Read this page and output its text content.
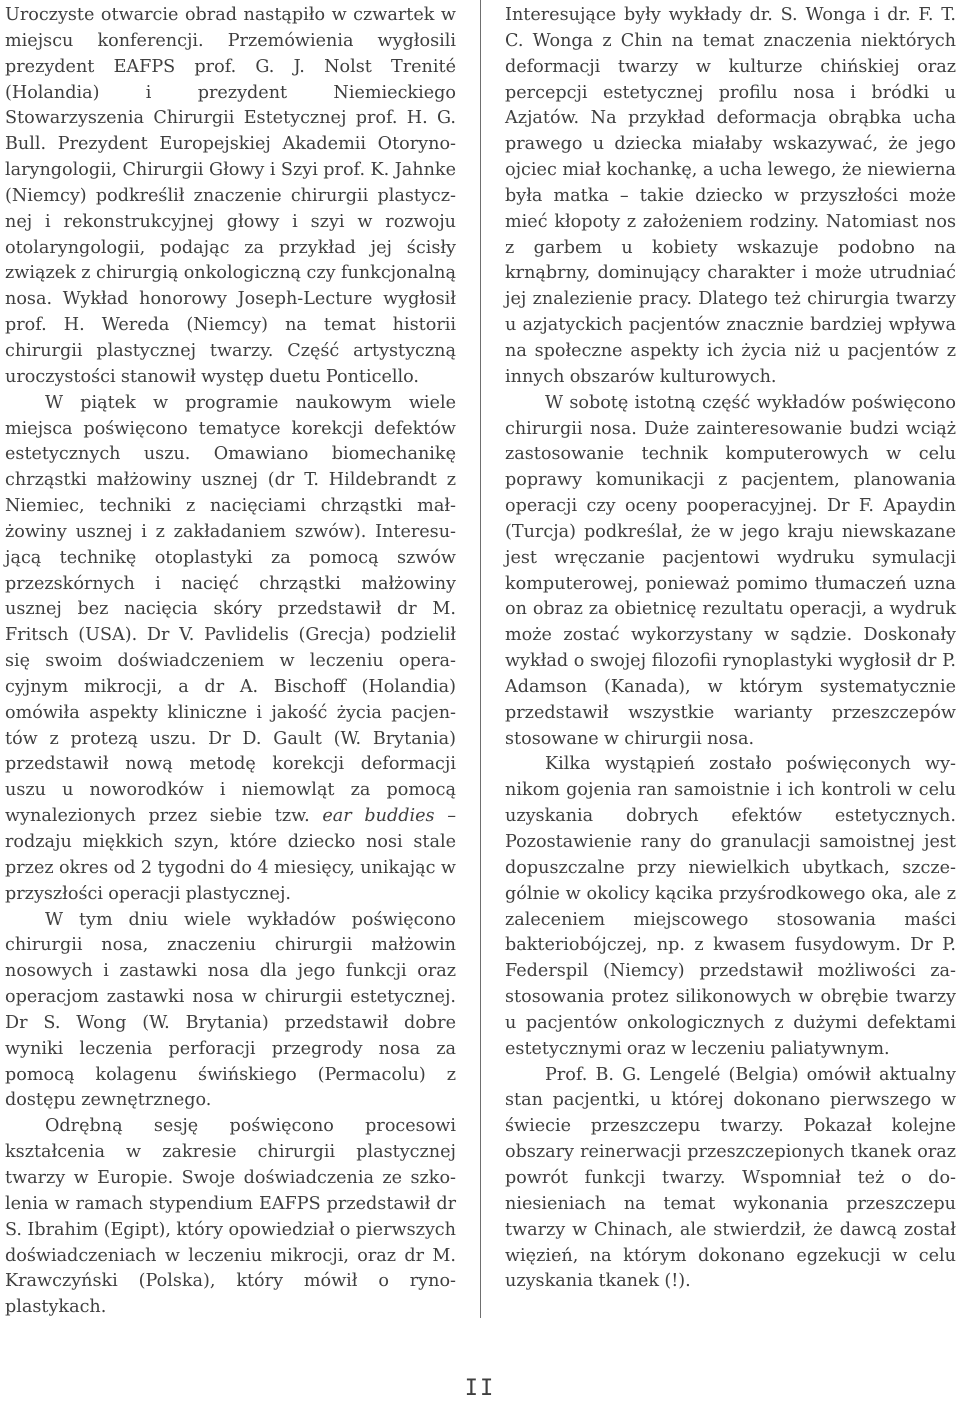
Uroczyste otwarcie obrad nastąpiło w czwartek w miejscu konferencji. Przemówienia wygłosili prezydent EAFPS prof. G. J. Nolst Trenité (Holandia) i prezydent Niemieckiego Stowarzyszenia Chirurgii Estetycznej prof. H. G. Bull. Prezydent Europejskiej Akademii Otorynolaryngologii, Chirurgii Głowy i Szyi prof. K. Jahnke (Niemcy) podkreślił znaczenie chirurgii plastycznej i rekonstrukcyjnej głowy i szyi w rozwoju otolaryngologii, podając za przykład jej ścisły związek z chirurgią onkologiczną czy funkcjonalną nosa. Wykład honorowy Joseph-Lecture wygłosił prof. H. Wereda (Niemcy) na temat historii chirurgii plastycznej twarzy. Część artystyczną uroczystości stanowił występ duetu Ponticello.

W piątek w programie naukowym wiele miejsca poświęcono tematyce korekcji defektów estetycznych uszu. Omawiano biomechanikę chrząstki małżowiny usznej (dr T. Hildebrandt z Niemiec, techniki z nacięciami chrząstki małżowiny usznej i z zakładaniem szwów). Interesującą technikę otoplastyki za pomocą szwów przezskórnych i nacięć chrząstki małżowiny usznej bez nacięcia skóry przedstawił dr M. Fritsch (USA). Dr V. Pavlidelis (Grecja) podzielił się swoim doświadczeniem w leczeniu operacyjnym mikrocji, a dr A. Bischoff (Holandia) omówiła aspekty kliniczne i jakość życia pacjentów z protezą uszu. Dr D. Gault (W. Brytania) przedstawił nową metodę korekcji deformacji uszu u noworodków i niemowląt za pomocą wynalezionych przez siebie tzw. ear buddies – rodzaju miękkich szyn, które dziecko nosi stale przez okres od 2 tygodni do 4 miesięcy, unikając w przyszłości operacji plastycznej.

W tym dniu wiele wykładów poświęcono chirurgii nosa, znaczeniu chirurgii małżowin nosowych i zastawki nosa dla jego funkcji oraz operacjom zastawki nosa w chirurgii estetycznej. Dr S. Wong (W. Brytania) przedstawił dobre wyniki leczenia perforacji przegrody nosa za pomocą kolagenu świńskiego (Permacolu) z dostępu zewnętrznego.

Odrębną sesję poświęcono procesowi kształcenia w zakresie chirurgii plastycznej twarzy w Europie. Swoje doświadczenia ze szkolenia w ramach stypendium EAFPS przedstawił dr S. Ibrahim (Egipt), który opowiedział o pierwszych doświadczeniach w leczeniu mikrocji, oraz dr M. Krawczyński (Polska), który mówił o rynoplastykach.

Interesujące były wykłady dr. S. Wonga i dr. F. T. C. Wonga z Chin na temat znaczenia niektórych deformacji twarzy w kulturze chińskiej oraz percepcji estetycznej profilu nosa i bródki u Azjatów. Na przykład deformacja obrąbka ucha prawego u dziecka miałaby wskazywać, że jego ojciec miał kochankę, a ucha lewego, że niewierna była matka – takie dziecko w przyszłości może mieć kłopoty z założeniem rodziny. Natomiast nos z garbem u kobiety wskazuje podobno na krnąbrny, dominujący charakter i może utrudniać jej znalezienie pracy. Dlatego też chirurgia twarzy u azjatyckich pacjentów znacznie bardziej wpływa na społeczne aspekty ich życia niż u pacjentów z innych obszarów kulturowych.

W sobotę istotną część wykładów poświęcono chirurgii nosa. Duże zainteresowanie budzi wciąż zastosowanie technik komputerowych w celu poprawy komunikacji z pacjentem, planowania operacji czy oceny pooperacyjnej. Dr F. Apaydin (Turcja) podkreślał, że w jego kraju niewskazane jest wręczanie pacjentowi wydruku symulacji komputerowej, ponieważ pomimo tłumaczeń uzna on obraz za obietnicę rezultatu operacji, a wydruk może zostać wykorzystany w sądzie. Doskonały wykład o swojej filozofii rynoplastyki wygłosił dr P. Adamson (Kanada), w którym systematycznie przedstawił wszystkie warianty przeszczepów stosowane w chirurgii nosa.

Kilka wystąpień zostało poświęconych wynikom gojenia ran samoistnie i ich kontroli w celu uzyskania dobrych efektów estetycznych. Pozostawienie rany do granulacji samoistnej jest dopuszczalne przy niewielkich ubytkach, szczególnie w okolicy kącika przyśrodkowego oka, ale z zaleceniem miejscowego stosowania maści bakteriobójczej, np. z kwasem fusydowym. Dr P. Federspil (Niemcy) przedstawił możliwości zastosowania protez silikonowych w obrębie twarzy u pacjentów onkologicznych z dużymi defektami estetycznymi oraz w leczeniu paliatywnym.

Prof. B. G. Lengelé (Belgia) omówił aktualny stan pacjentki, u której dokonano pierwszego w świecie przeszczepu twarzy. Pokazał kolejne obszary reinerwacji przeszczepionych tkanek oraz powrót funkcji twarzy. Wspomniał też o doniesieniach na temat wykonania przeszczepu twarzy w Chinach, ale stwierdził, że dawcą został więzień, na którym dokonano egzekucji w celu uzyskania tkanek (!).

II
